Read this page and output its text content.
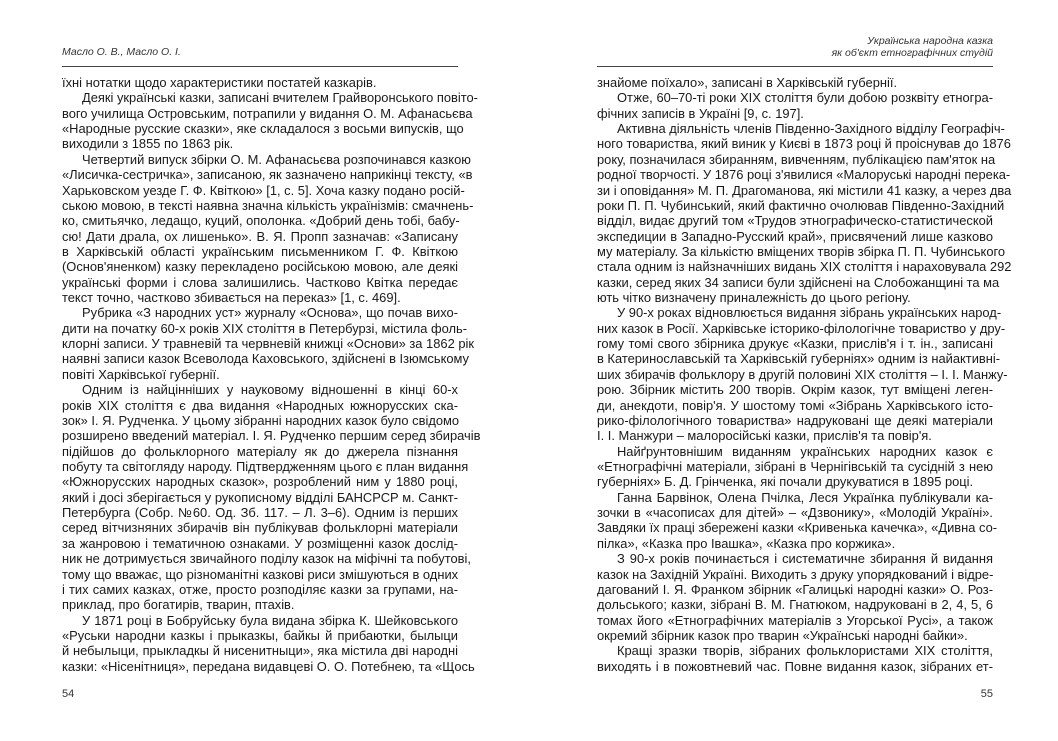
Масло О. В., Масло О. І.
їхні нотатки щодо характеристики постатей казкарів.
Деякі українські казки, записані вчителем Грайворонського повіто-
вого училища Островським, потрапили у видання О. М. Афанасьєва
«Народные русские сказки», яке складалося з восьми випусків, що
виходили з 1855 по 1863 рік.
Четвертий випуск збірки О. М. Афанасьєва розпочинався казкою
«Лисичка-сестричка», записаною, як зазначено наприкінці тексту, «в
Харьковском уезде Г. Ф. Квіткою» [1, с. 5]. Хоча казку подано росій-
ською мовою, в тексті наявна значна кількість українізмів: смачнень-
ко, смитьячко, ледащо, куций, ополонка. «Добрий день тобі, бабу-
сю! Дати драла, ох лишенько». В. Я. Пропп зазначав: «Записану
в Харківській області українським письменником Г. Ф. Квіткою
(Основ'яненком) казку перекладено російською мовою, але деякі
українські форми і слова залишились. Частково Квітка передає
текст точно, частково збивається на переказ» [1, с. 469].
Рубрика «З народних уст» журналу «Основа», що почав вихо-
дити на початку 60-х років XIX століття в Петербурзі, містила фоль-
клорні записи. У травневій та червневій книжці «Основи» за 1862 рік
наявні записи казок Всеволода Каховського, здійснені в Ізюмському
повіті Харківської губернії.
Одним із найцінніших у науковому відношенні в кінці 60-х
років XIX століття є два видання «Народных южнорусских ска-
зок» І. Я. Рудченка. У цьому зібранні народних казок було свідомо
розширено введений матеріал. І. Я. Рудченко першим серед збирачів
підійшов до фольклорного матеріалу як до джерела пізнання
побуту та світогляду народу. Підтвердженням цього є план видання
«Южнорусских народных сказок», розроблений ним у 1880 році,
який і досі зберігається у рукописному відділі БАНСРСР м. Санкт-
Петербурга (Собр. №60. Од. Зб. 117. – Л. 3–6). Одним із перших
серед вітчизняних збирачів він публікував фольклорні матеріали
за жанровою і тематичною ознаками. У розміщенні казок дослід-
ник не дотримується звичайного поділу казок на міфічні та побутові,
тому що вважає, що різноманітні казкові риси змішуються в одних
і тих самих казках, отже, просто розподіляє казки за групами, на-
приклад, про богатирів, тварин, птахів.
У 1871 році в Бобруйську була видана збірка К. Шейковського
«Руськи народни казкы і прыказкы, байкы й прибаютки, былыци
й небылыци, прыкладкы й нисенитныци», яка містила дві народні
казки: «Нісенітниця», передана видавцеві О. О. Потебнею, та «Щось
54
Українська народна казка
як об'єкт етнографічних студій
знайоме поїхало», записані в Харківській губернії.
Отже, 60–70-ті роки XIX століття були добою розквіту етногра-
фічних записів в Україні [9, с. 197].
Активна діяльність членів Південно-Західного відділу Географіч-
ного товариства, який виник у Києві в 1873 році й проіснував до 1876
року, позначилася збиранням, вивченням, публікацією пам'яток на
родної творчості. У 1876 році з'явилися «Малоруські народні перека-
зи і оповідання» М. П. Драгоманова, які містили 41 казку, а через два
роки П. П. Чубинський, який фактично очолював Південно-Західний
відділ, видає другий том «Трудов этнографическо-статистической
экспедиции в Западно-Русский край», присвячений лише казково
му матеріалу. За кількістю вміщених творів збірка П. П. Чубинського
стала одним із найзначніших видань XIX століття і нараховувала 292
казки, серед яких 34 записи були здійснені на Слобожанщині та ма
ють чітко визначену приналежність до цього регіону.
У 90-х роках відновлюється видання зібрань українських народ-
них казок в Росії. Харківське історико-філологічне товариство у дру-
гому томі свого збірника друкує «Казки, прислів'я і т. ін., записані
в Катеринославській та Харківській губерніях» одним із найактивні-
ших збирачів фольклору в другій половині XIX століття – І. І. Манжу-
рою. Збірник містить 200 творів. Окрім казок, тут вміщені леген-
ди, анекдоти, повір'я. У шостому томі «Зібрань Харківського істо-
рико-філологічного товариства» надруковані ще деякі матеріали
І. І. Манжури – малоросійські казки, прислів'я та повір'я.
Найґрунтовнішим виданням українських народних казок є
«Етнографічні матеріали, зібрані в Чернігівській та сусідній з нею
губерніях» Б. Д. Грінченка, які почали друкуватися в 1895 році.
Ганна Барвінок, Олена Пчілка, Леся Українка публікували ка-
зочки в «часописах для дітей» – «Дзвонику», «Молодій Україні».
Завдяки їх праці збережені казки «Кривенька качечка», «Дивна со-
пілка», «Казка про Івашка», «Казка про коржика».
З 90-х років починається і систематичне збирання й видання
казок на Західній Україні. Виходить з друку упорядкований і відре-
дагований І. Я. Франком збірник «Галицькі народні казки» О. Роз-
дольського; казки, зібрані В. М. Гнатюком, надруковані в 2, 4, 5, 6
томах його «Етнографічних матеріалів з Угорської Русі», а також
окремий збірник казок про тварин «Українські народні байки».
Кращі зразки творів, зібраних фольклористами XIX століття,
виходять і в пожовтневий час. Повне видання казок, зібраних ет-
55
